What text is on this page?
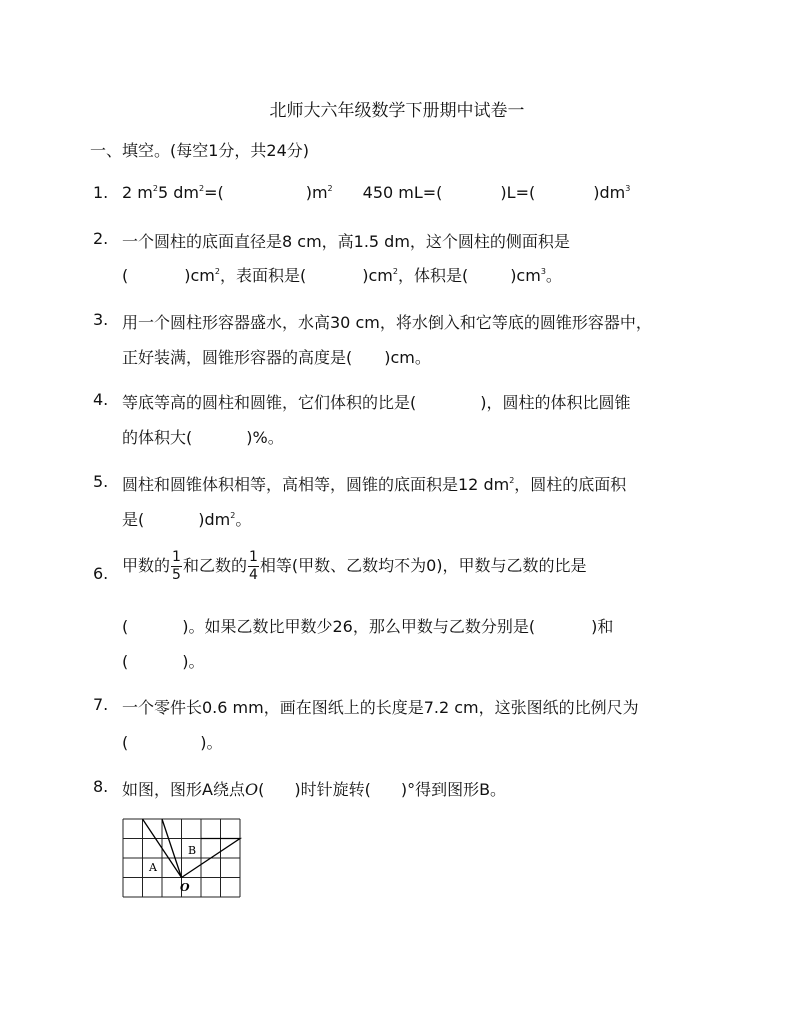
北师大六年级数学下册期中试卷一
一、填空。(每空1分，共24分)
1. 2 $m^25$ $dm^2=$(	)$m^2$ 450 mL=(	)L=(	)$dm^3$
2. 一个圆柱的底面直径是8 cm，高1.5 dm，这个圆柱的侧面积是
(	)$cm^2$，表面积是(	)$cm^2$，体积是(	)$cm^3$。
3. 用一个圆柱形容器盛水，水高30 cm，将水倒入和它等底的圆锥形容器中，
正好装满，圆锥形容器的高度是( )cm。
4. 等底等高的圆柱和圆锥，它们体积的比是(	)，圆柱的体积比圆锥
的体积大(	)%。
5. 圆柱和圆锥体积相等，高相等，圆锥的底面积是12 $dm^2$，圆柱的底面积
是(	)$dm^2$。
6. 甲数的 $\frac{1}{5}$ 和乙数的 $\frac{1}{4}$ 相等(甲数、乙数均不为0)，甲数与乙数的比是
(	)。如果乙数比甲数少26，那么甲数与乙数分别是(	)和
(	)。
7. 一个零件长0.6 mm，画在图纸上的长度是7.2 cm，这张图纸的比例尺为
(	)。
8. 如图，图形A绕点O( )时针旋转( )°得到图形B。
A
B
O
